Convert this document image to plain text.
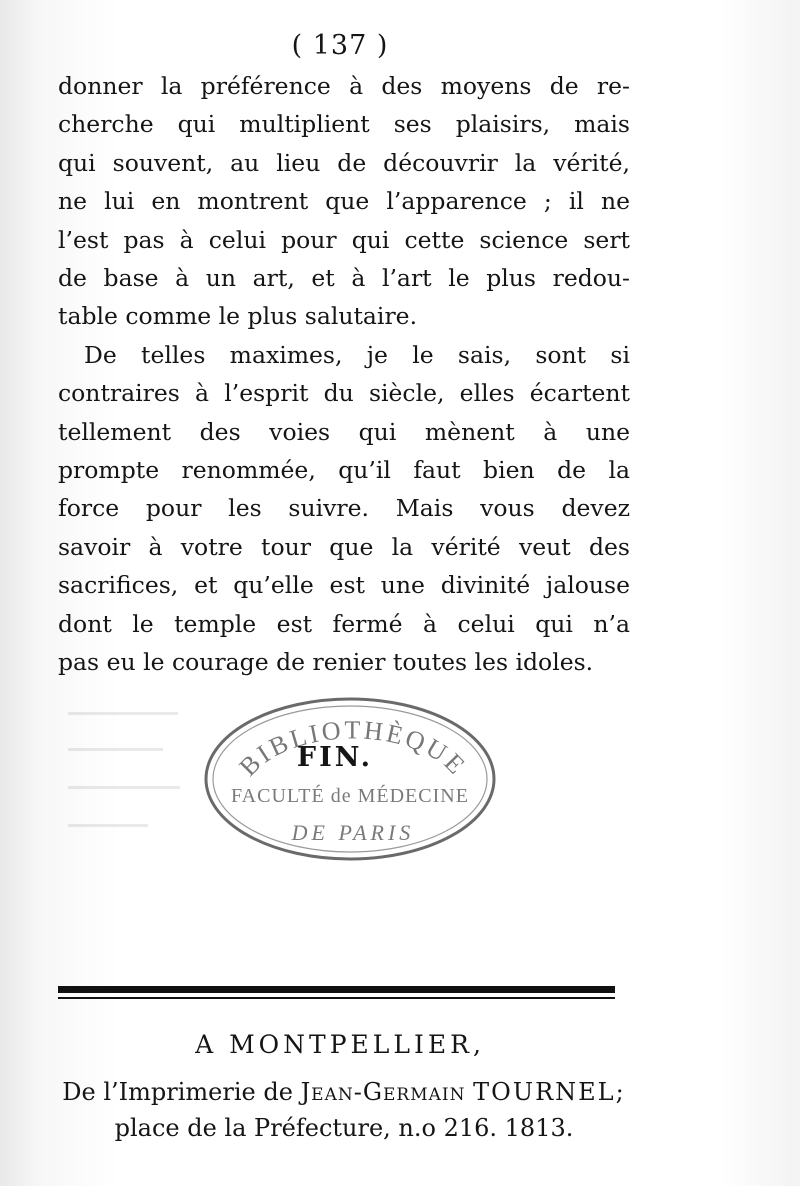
( 137 )
donner la préférence à des moyens de re-
cherche qui multiplient ses plaisirs, mais
qui souvent, au lieu de découvrir la vérité,
ne lui en montrent que l’apparence ; il ne
l’est pas à celui pour qui cette science sert
de base à un art, et à l’art le plus redou-
table comme le plus salutaire.
De telles maximes, je le sais, sont si
contraires à l’esprit du siècle, elles écartent
tellement des voies qui mènent à une
prompte renommée, qu’il faut bien de la
force pour les suivre. Mais vous devez
savoir à votre tour que la vérité veut des
sacrifices, et qu’elle est une divinité jalouse
dont le temple est fermé à celui qui n’a
pas eu le courage de renier toutes les idoles.
BIBLIOTHÈQUE
FACULTÉ de MÉDECINE
DE PARIS
FIN.
A MONTPELLIER,
De l’Imprimerie de Jean-Germain TOURNEL;
place de la Préfecture, n.o 216. 1813.
